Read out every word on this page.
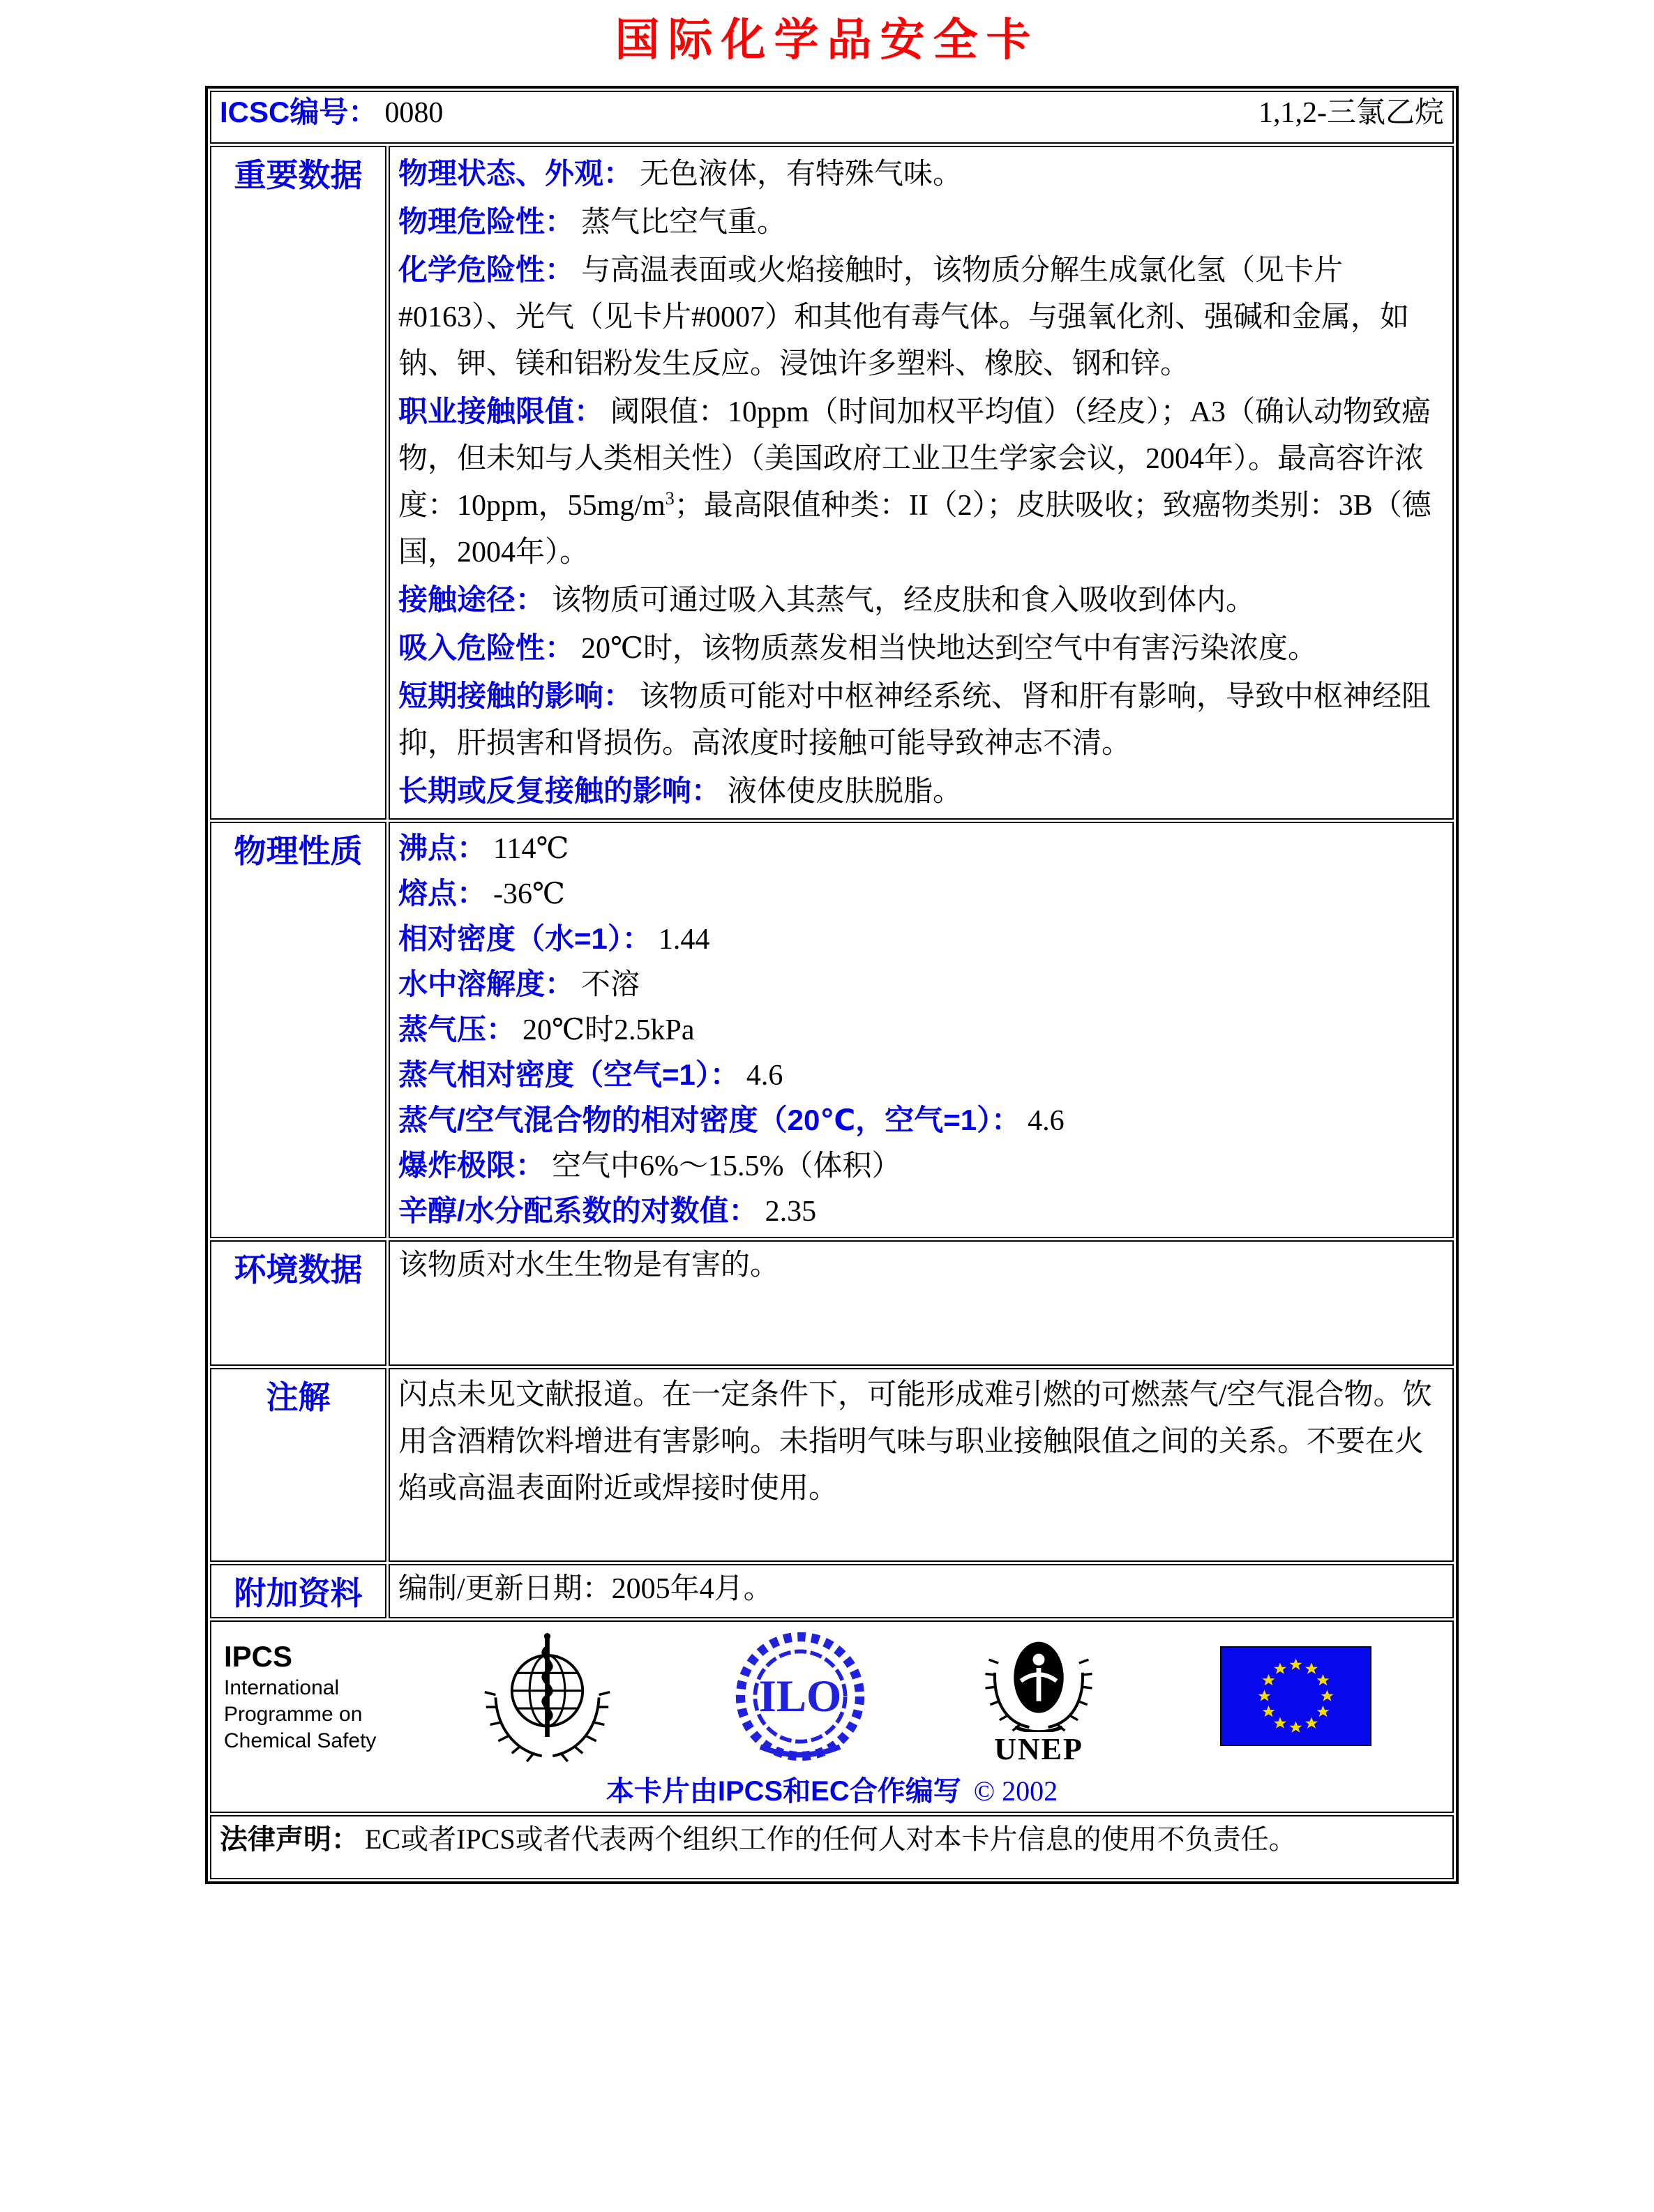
国际化学品安全卡
ICSC编号： 0080 1,1,2-三氯乙烷	

重要数据	物理状态、外观： 无色液体，有特殊气味。

物理危险性： 蒸气比空气重。

化学危险性： 与高温表面或火焰接触时，该物质分解生成氯化氢（见卡片#0163）、光气（见卡片#0007）和其他有毒气体。与强氧化剂、强碱和金属，如钠、钾、镁和铝粉发生反应。浸蚀许多塑料、橡胶、钢和锌。

职业接触限值： 阈限值：10ppm（时间加权平均值）（经皮）；A3（确认动物致癌物，但未知与人类相关性）（美国政府工业卫生学家会议，2004年）。最高容许浓度：10ppm，$55mg/m^3$；最高限值种类：II（2）；皮肤吸收；致癌物类别：3B（德国，2004年）。

接触途径： 该物质可通过吸入其蒸气，经皮肤和食入吸收到体内。

吸入危险性： 20℃时，该物质蒸发相当快地达到空气中有害污染浓度。

短期接触的影响： 该物质可能对中枢神经系统、肾和肝有影响，导致中枢神经阻抑，肝损害和肾损伤。高浓度时接触可能导致神志不清。

长期或反复接触的影响： 液体使皮肤脱脂。

物理性质	沸点： 114℃
熔点： -36℃
相对密度（水=1）： 1.44
水中溶解度： 不溶
蒸气压： 20℃时2.5kPa
蒸气相对密度（空气=1）： 4.6
蒸气/空气混合物的相对密度（20℃，空气=1）： 4.6
爆炸极限： 空气中6%～15.5%（体积）
辛醇/水分配系数的对数值： 2.35

环境数据	该物质对水生生物是有害的。

注解	闪点未见文献报道。在一定条件下，可能形成难引燃的可燃蒸气/空气混合物。饮用含酒精饮料增进有害影响。未指明气味与职业接触限值之间的关系。不要在火焰或高温表面附近或焊接时使用。

附加资料	编制/更新日期：2005年4月。

IPCS
International
Programme on
Chemical Safety
ILO
UNEP
本卡片由IPCS和EC合作编写 © 2002

法律声明： EC或者IPCS或者代表两个组织工作的任何人对本卡片信息的使用不负责任。	
